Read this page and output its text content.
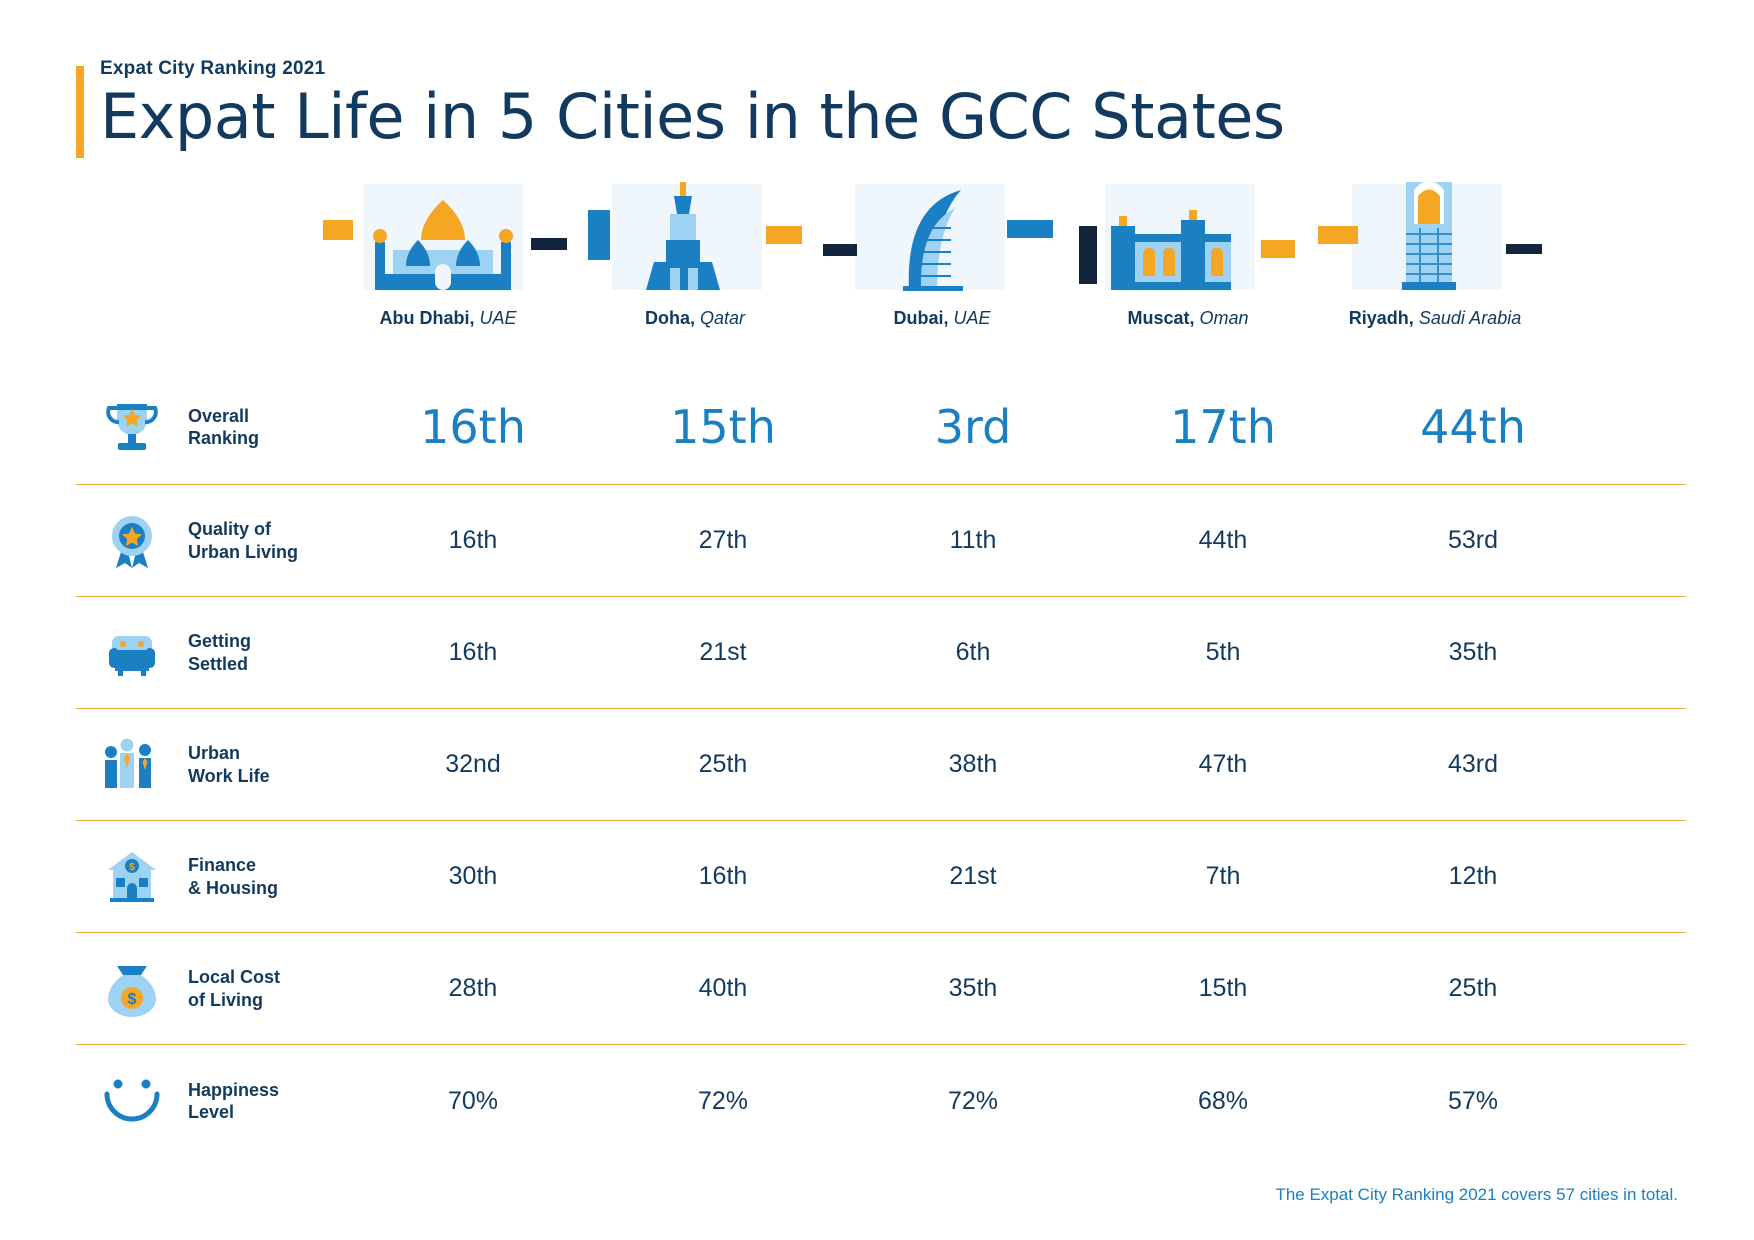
Expat City Ranking 2021
Expat Life in 5 Cities in the GCC States
Abu Dhabi, UAE	Doha, Qatar	Dubai, UAE	Muscat, Oman	Riyadh, Saudi Arabia
Overall
Ranking	16th	15th	3rd	17th	44th
Quality of
Urban Living	16th	27th	11th	44th	53rd
Getting
Settled	16th	21st	6th	5th	35th
Urban
Work Life	32nd	25th	38th	47th	43rd
$	Finance
& Housing	30th	16th	21st	7th	12th
$
Local Cost
of Living	28th	40th	35th	15th	25th
Happiness
Level	70%	72%	72%	68%	57%
The Expat City Ranking 2021 covers 57 cities in total.
